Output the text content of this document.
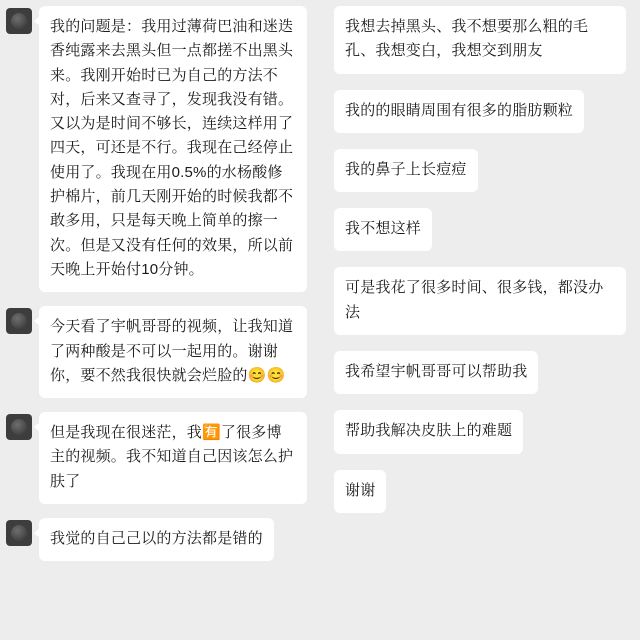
我的问题是：我用过薄荷巴油和迷迭香纯露来去黑头但一点都搓不出黑头来。我刚开始时已为自己的方法不对，后来又查寻了，发现我没有错。又以为是时间不够长，连续这样用了四天，可还是不行。我现在己经停止使用了。我现在用0.5%的水杨酸修护棉片，前几天刚开始的时候我都不敢多用，只是每天晚上简单的擦一次。但是又没有任何的效果，所以前天晚上开始付10分钟。
今天看了宇帆哥哥的视频，让我知道了两种酸是不可以一起用的。谢谢你，要不然我很快就会烂脸的😊😊
但是我现在很迷茫，我🈶了很多博主的视频。我不知道自己因该怎么护肤了
我觉的自己己以的方法都是错的
我想去掉黑头、我不想要那么粗的毛孔、我想变白，我想交到朋友
我的的眼睛周围有很多的脂肪颗粒
我的鼻子上长痘痘
我不想这样
可是我花了很多时间、很多钱，都没办法
我希望宇帆哥哥可以帮助我
帮助我解决皮肤上的难题
谢谢
